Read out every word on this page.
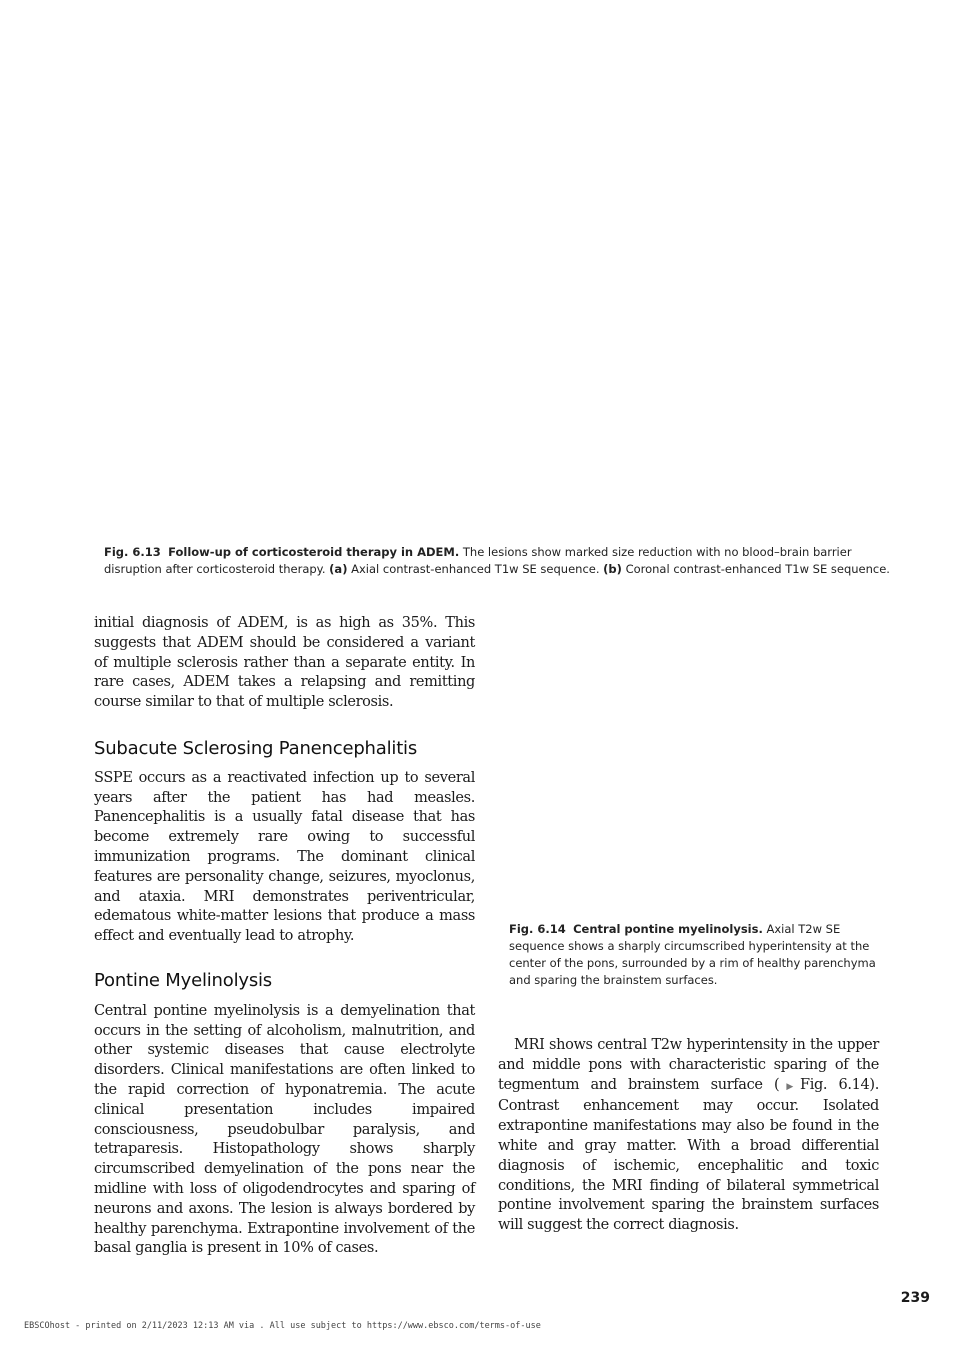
Fig. 6.13 Follow-up of corticosteroid therapy in ADEM. The lesions show marked size reduction with no blood–brain barrier disruption after corticosteroid therapy. (a) Axial contrast-enhanced T1w SE sequence. (b) Coronal contrast-enhanced T1w SE sequence.

initial diagnosis of ADEM, is as high as 35%. This suggests that ADEM should be considered a variant of multiple sclerosis rather than a separate entity. In rare cases, ADEM takes a relapsing and remitting course similar to that of multiple sclerosis.

Subacute Sclerosing Panencephalitis

SSPE occurs as a reactivated infection up to several years after the patient has had measles. Panencephalitis is a usually fatal disease that has become extremely rare owing to successful immunization programs. The dominant clinical features are personality change, seizures, myoclonus, and ataxia. MRI demonstrates periventricular, edematous white-matter lesions that produce a mass effect and eventually lead to atrophy.

Pontine Myelinolysis

Central pontine myelinolysis is a demyelination that occurs in the setting of alcoholism, malnutrition, and other systemic diseases that cause electrolyte disorders. Clinical manifestations are often linked to the rapid correction of hyponatremia. The acute clinical presentation includes impaired consciousness, pseudobulbar paralysis, and tetraparesis. Histopathology shows sharply circumscribed demyelination of the pons near the midline with loss of oligodendrocytes and sparing of neurons and axons. The lesion is always bordered by healthy parenchyma. Extrapontine involvement of the basal ganglia is present in 10% of cases.

Fig. 6.14 Central pontine myelinolysis. Axial T2w SE sequence shows a sharply circumscribed hyperintensity at the center of the pons, surrounded by a rim of healthy parenchyma and sparing the brainstem surfaces.

MRI shows central T2w hyperintensity in the upper and middle pons with characteristic sparing of the tegmentum and brainstem surface (▶Fig. 6.14). Contrast enhancement may occur. Isolated extrapontine manifestations may also be found in the white and gray matter. With a broad differential diagnosis of ischemic, encephalitic and toxic conditions, the MRI finding of bilateral symmetrical pontine involvement sparing the brainstem surfaces will suggest the correct diagnosis.

239
EBSCOhost - printed on 2/11/2023 12:13 AM via . All use subject to https://www.ebsco.com/terms-of-use
